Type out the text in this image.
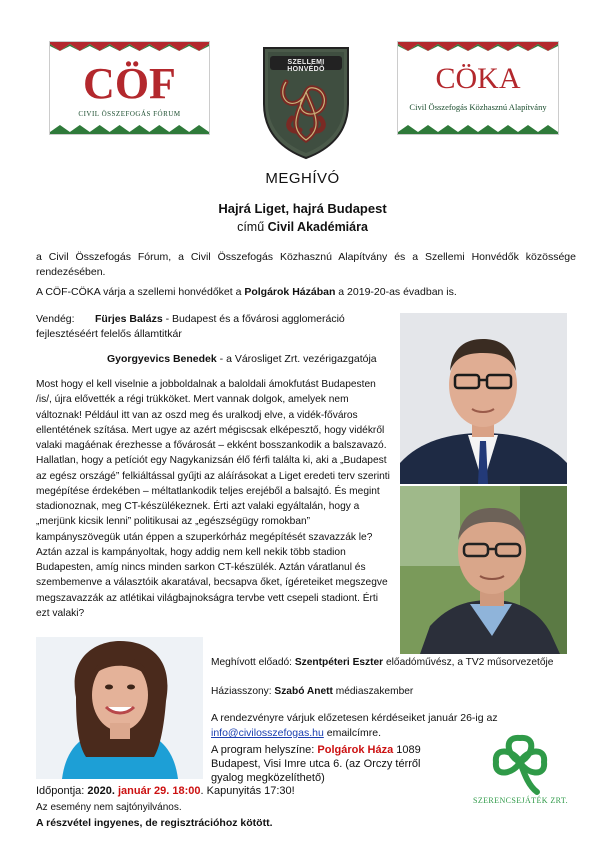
CÖF
CIVIL ÖSSZEFOGÁS FÓRUM
SZELLEMI HONVÉDŐ	CÖKA
Civil Összefogás Közhasznú Alapítvány
MEGHÍVÓ
Hajrá Liget, hajrá Budapest
című Civil Akadémiára
a Civil Összefogás Fórum, a Civil Összefogás Közhasznú Alapítvány és a Szellemi Honvédők közössége rendezésében.
A CÖF-CÖKA várja a szellemi honvédőket a Polgárok Házában a 2019-20-as évadban is.
Vendég: Fürjes Balázs - Budapest és a fővárosi agglomeráció
fejlesztéséért felelős államtitkár
Gyorgyevics Benedek - a Városliget Zrt. vezérigazgatója
Most hogy el kell viselnie a jobboldalnak a baloldali ámokfutást Budapesten
/is/, újra elővették a régi trükköket. Mert vannak dolgok, amelyek nem
változnak! Például itt van az oszd meg és uralkodj elve, a vidék-főváros
ellentétének szítása. Mert ugye az azért mégiscsak elképesztő, hogy vidékről
valaki magáénak érezhesse a fővárosát – ekként bosszankodik a balszavazó.
Hallatlan, hogy a petíciót egy Nagykanizsán élő férfi találta ki, aki a „Budapest
az egész országé” felkiáltással gyűjti az aláírásokat a Liget eredeti terv szerinti
megépítése érdekében – méltatlankodik teljes erejéből a balsajtó. És megint
stadionoznak, meg CT-készülékeznek. Érti azt valaki egyáltalán, hogy a
„merjünk kicsik lenni” politikusai az „egészségügy romokban”
kampányszövegük után éppen a szuperkórház megépítését szavazzák le?
Aztán azzal is kampányoltak, hogy addig nem kell nekik több stadion
Budapesten, amíg nincs minden sarkon CT-készülék. Aztán váratlanul és
szembemenve a választóik akaratával, becsapva őket, ígéreteiket megszegve
megszavazzák az atlétikai világbajnokságra tervbe vett csepeli stadiont. Érti
ezt valaki?
Meghívott előadó: Szentpéteri Eszter előadóművész, a TV2 műsorvezetője
Háziasszony: Szabó Anett médiaszakember
A rendezvényre várjuk előzetesen kérdéseiket január 26-ig az
info@civilosszefogas.hu emailcímre.
A program helyszíne: Polgárok Háza 1089
Budapest, Visi Imre utca 6. (az Orczy térről
gyalog megközelíthető)
Időpontja: 2020. január 29. 18:00. Kapunyitás 17:30!
Az esemény nem sajtónyilvános.
A részvétel ingyenes, de regisztrációhoz kötött.
SZERENCSEJÁTÉK ZRT.
